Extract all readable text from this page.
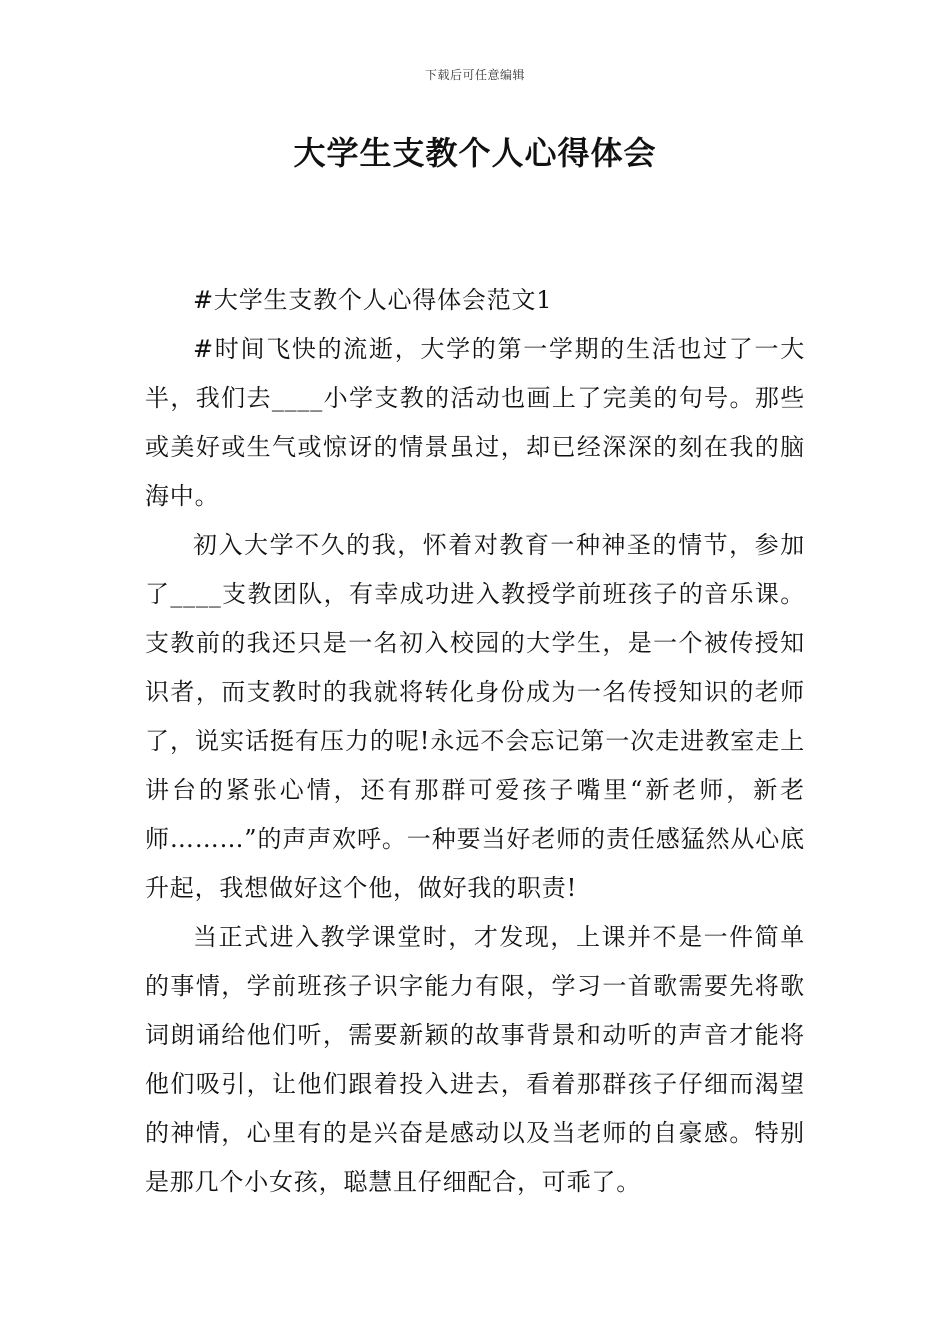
下载后可任意编辑
大学生支教个人心得体会

#大学生支教个人心得体会范文1

#时间飞快的流逝，大学的第一学期的生活也过了一大半，我们去____小学支教的活动也画上了完美的句号。那些或美好或生气或惊讶的情景虽过，却已经深深的刻在我的脑海中。

初入大学不久的我，怀着对教育一种神圣的情节，参加了____支教团队，有幸成功进入教授学前班孩子的音乐课。支教前的我还只是一名初入校园的大学生，是一个被传授知识者，而支教时的我就将转化身份成为一名传授知识的老师了，说实话挺有压力的呢!永远不会忘记第一次走进教室走上讲台的紧张心情，还有那群可爱孩子嘴里“新老师，新老师………”的声声欢呼。一种要当好老师的责任感猛然从心底升起，我想做好这个他，做好我的职责!

当正式进入教学课堂时，才发现，上课并不是一件简单的事情，学前班孩子识字能力有限，学习一首歌需要先将歌词朗诵给他们听，需要新颖的故事背景和动听的声音才能将他们吸引，让他们跟着投入进去，看着那群孩子仔细而渴望的神情，心里有的是兴奋是感动以及当老师的自豪感。特别是那几个小女孩，聪慧且仔细配合，可乖了。
